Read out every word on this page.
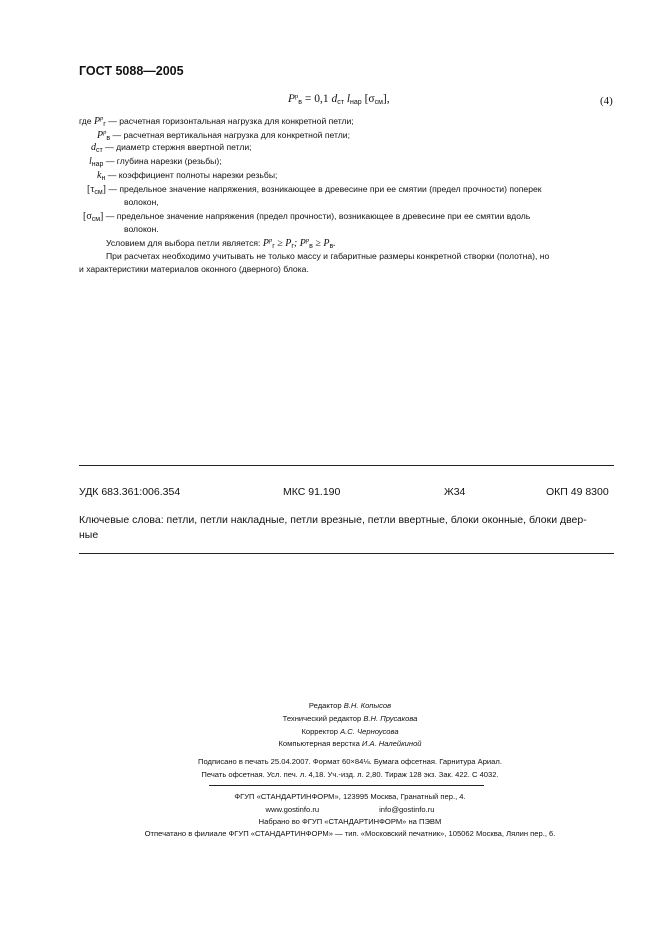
ГОСТ 5088—2005
$P^р_в = 0,1$ $d_{ст}$ $l_{нар}$ $[\sigma_{см}]$,	(4)
где $P^р_г$ — расчетная горизонтальная нагрузка для конкретной петли;
$P^р_в$ — расчетная вертикальная нагрузка для конкретной петли;
$d_{ст}$ — диаметр стержня ввертной петли;
$l_{нар}$ — глубина нарезки (резьбы);
$k_н$ — коэффициент полноты нарезки резьбы;
$[\tau_{см}]$ — предельное значение напряжения, возникающее в древесине при ее смятии (предел прочности) поперек
волокон,
$[\sigma_{см}]$ — предельное значение напряжения (предел прочности), возникающее в древесине при ее смятии вдоль
волокон.
Условием для выбора петли является: $P^р_г \ge P_г$; $P^р_в \ge P_в$.
При расчетах необходимо учитывать не только массу и габаритные размеры конкретной створки (полотна), но
и характеристики материалов оконного (дверного) блока.
УДК 683.361:006.354	МКС 91.190	Ж34	ОКП 49 8300
Ключевые слова: петли, петли накладные, петли врезные, петли ввертные, блоки оконные, блоки двер-
ные
Редактор В.Н. Копысов
Технический редактор В.Н. Прусакова
Корректор А.С. Черноусова
Компьютерная верстка И.А. Налейкиной
Подписано в печать 25.04.2007. Формат 60×84⅛. Бумага офсетная. Гарнитура Ариал.
Печать офсетная. Усл. печ. л. 4,18. Уч.-изд. л. 2,80. Тираж 128 экз. Зак. 422. С 4032.
ФГУП «СТАНДАРТИНФОРМ», 123995 Москва, Гранатный пер., 4.
www.gostinfo.ru	info@gostinfo.ru
Набрано во ФГУП «СТАНДАРТИНФОРМ» на ПЭВМ
Отпечатано в филиале ФГУП «СТАНДАРТИНФОРМ» — тип. «Московский печатник», 105062 Москва, Лялин пер., 6.
